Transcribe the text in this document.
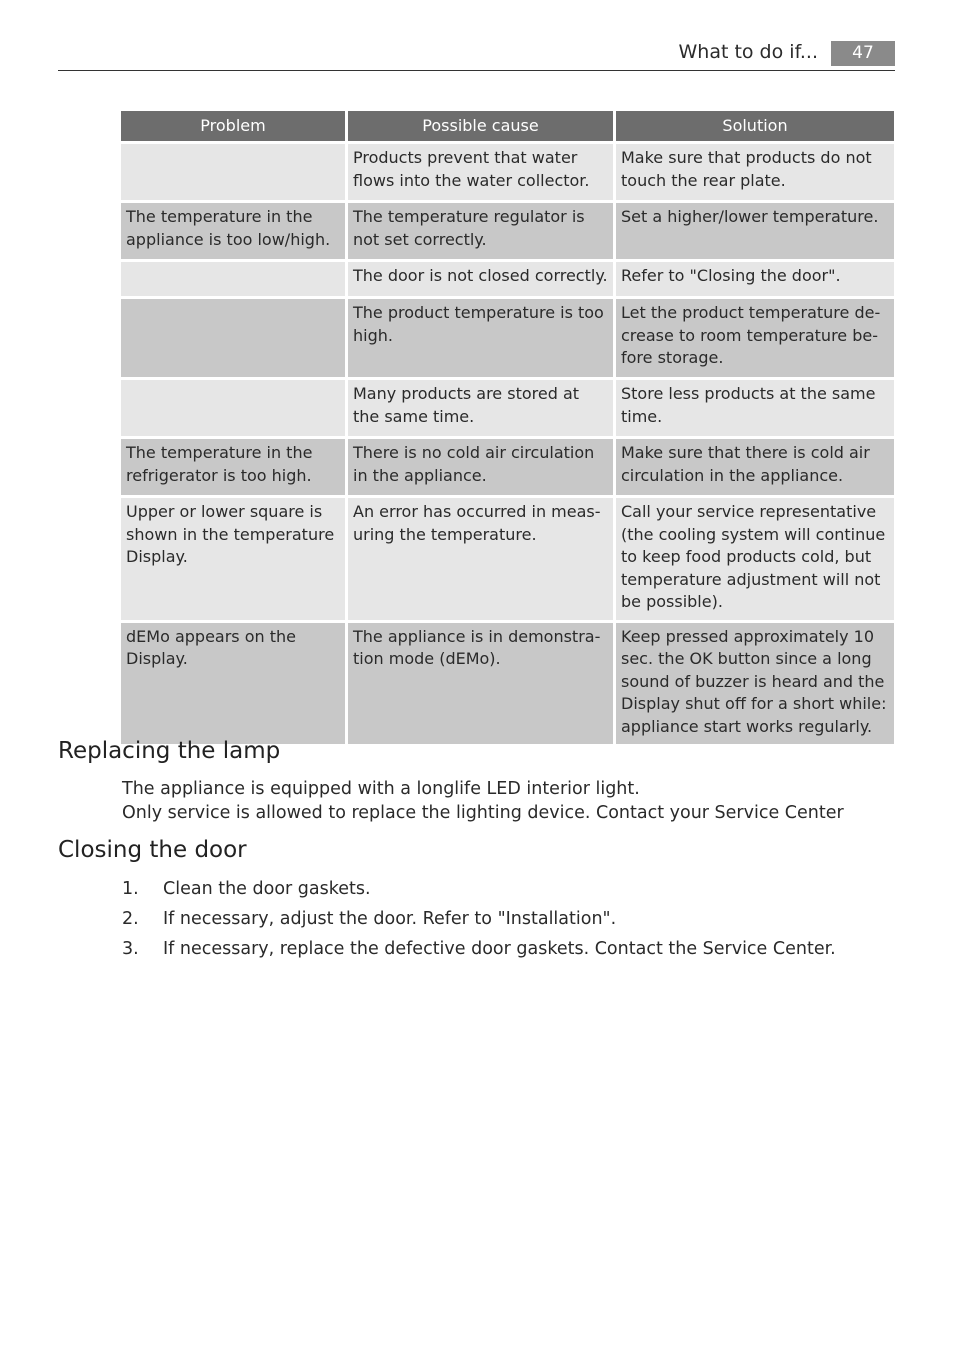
What to do if...	47
Problem	Possible cause	Solution
	Products prevent that water flows into the water collector.	Make sure that products do not touch the rear plate.
The temperature in the appliance is too low/high.	The temperature regulator is not set correctly.	Set a higher/lower temperature.
	The door is not closed correctly.	Refer to "Closing the door".
	The product temperature is too high.	Let the product temperature de-crease to room temperature be-fore storage.
	Many products are stored at the same time.	Store less products at the same time.
The temperature in the refrigerator is too high.	There is no cold air circulation in the appliance.	Make sure that there is cold air circulation in the appliance.
Upper or lower square is shown in the temperature Display.	An error has occurred in meas-uring the temperature.	Call your service representative (the cooling system will continue to keep food products cold, but temperature adjustment will not be possible).
dEMo appears on the Display.	The appliance is in demonstra-tion mode (dEMo).	Keep pressed approximately 10 sec. the OK button since a long sound of buzzer is heard and the Display shut off for a short while: appliance start works regularly.
Replacing the lamp

The appliance is equipped with a longlife LED interior light.

Only service is allowed to replace the lighting device. Contact your Service Center

Closing the door
1. Clean the door gaskets.
2. If necessary, adjust the door. Refer to "Installation".
3. If necessary, replace the defective door gaskets. Contact the Service Center.
